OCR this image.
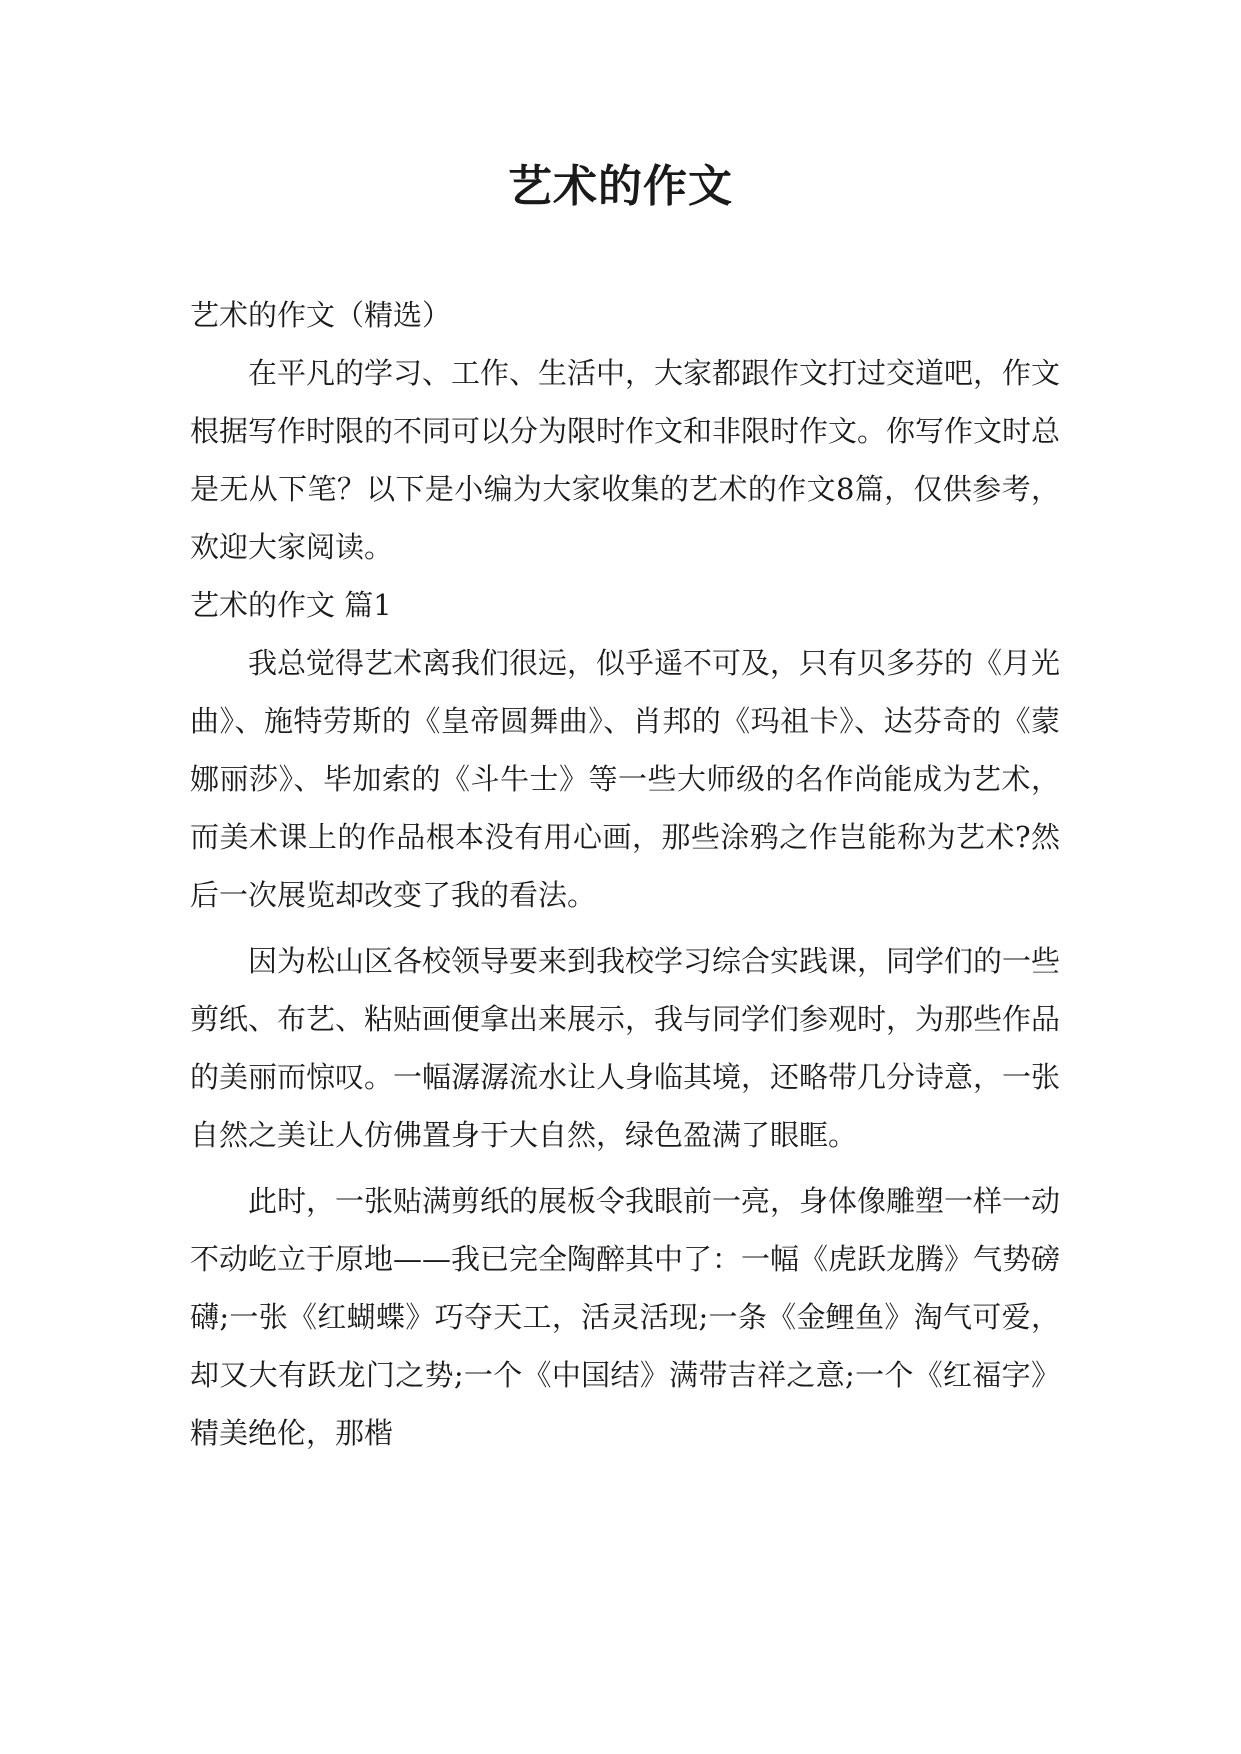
艺术的作文

艺术的作文（精选）

在平凡的学习、工作、生活中，大家都跟作文打过交道吧，作文根据写作时限的不同可以分为限时作文和非限时作文。你写作文时总是无从下笔？以下是小编为大家收集的艺术的作文8篇，仅供参考，欢迎大家阅读。

艺术的作文 篇1

我总觉得艺术离我们很远，似乎遥不可及，只有贝多芬的《月光曲》、施特劳斯的《皇帝圆舞曲》、肖邦的《玛祖卡》、达芬奇的《蒙娜丽莎》、毕加索的《斗牛士》等一些大师级的名作尚能成为艺术，而美术课上的作品根本没有用心画，那些涂鸦之作岂能称为艺术?然后一次展览却改变了我的看法。

因为松山区各校领导要来到我校学习综合实践课，同学们的一些剪纸、布艺、粘贴画便拿出来展示，我与同学们参观时，为那些作品的美丽而惊叹。一幅潺潺流水让人身临其境，还略带几分诗意，一张自然之美让人仿佛置身于大自然，绿色盈满了眼眶。

此时，一张贴满剪纸的展板令我眼前一亮，身体像雕塑一样一动不动屹立于原地——我已完全陶醉其中了：一幅《虎跃龙腾》气势磅礴;一张《红蝴蝶》巧夺天工，活灵活现;一条《金鲤鱼》淘气可爱，却又大有跃龙门之势;一个《中国结》满带吉祥之意;一个《红福字》精美绝伦，那楷
